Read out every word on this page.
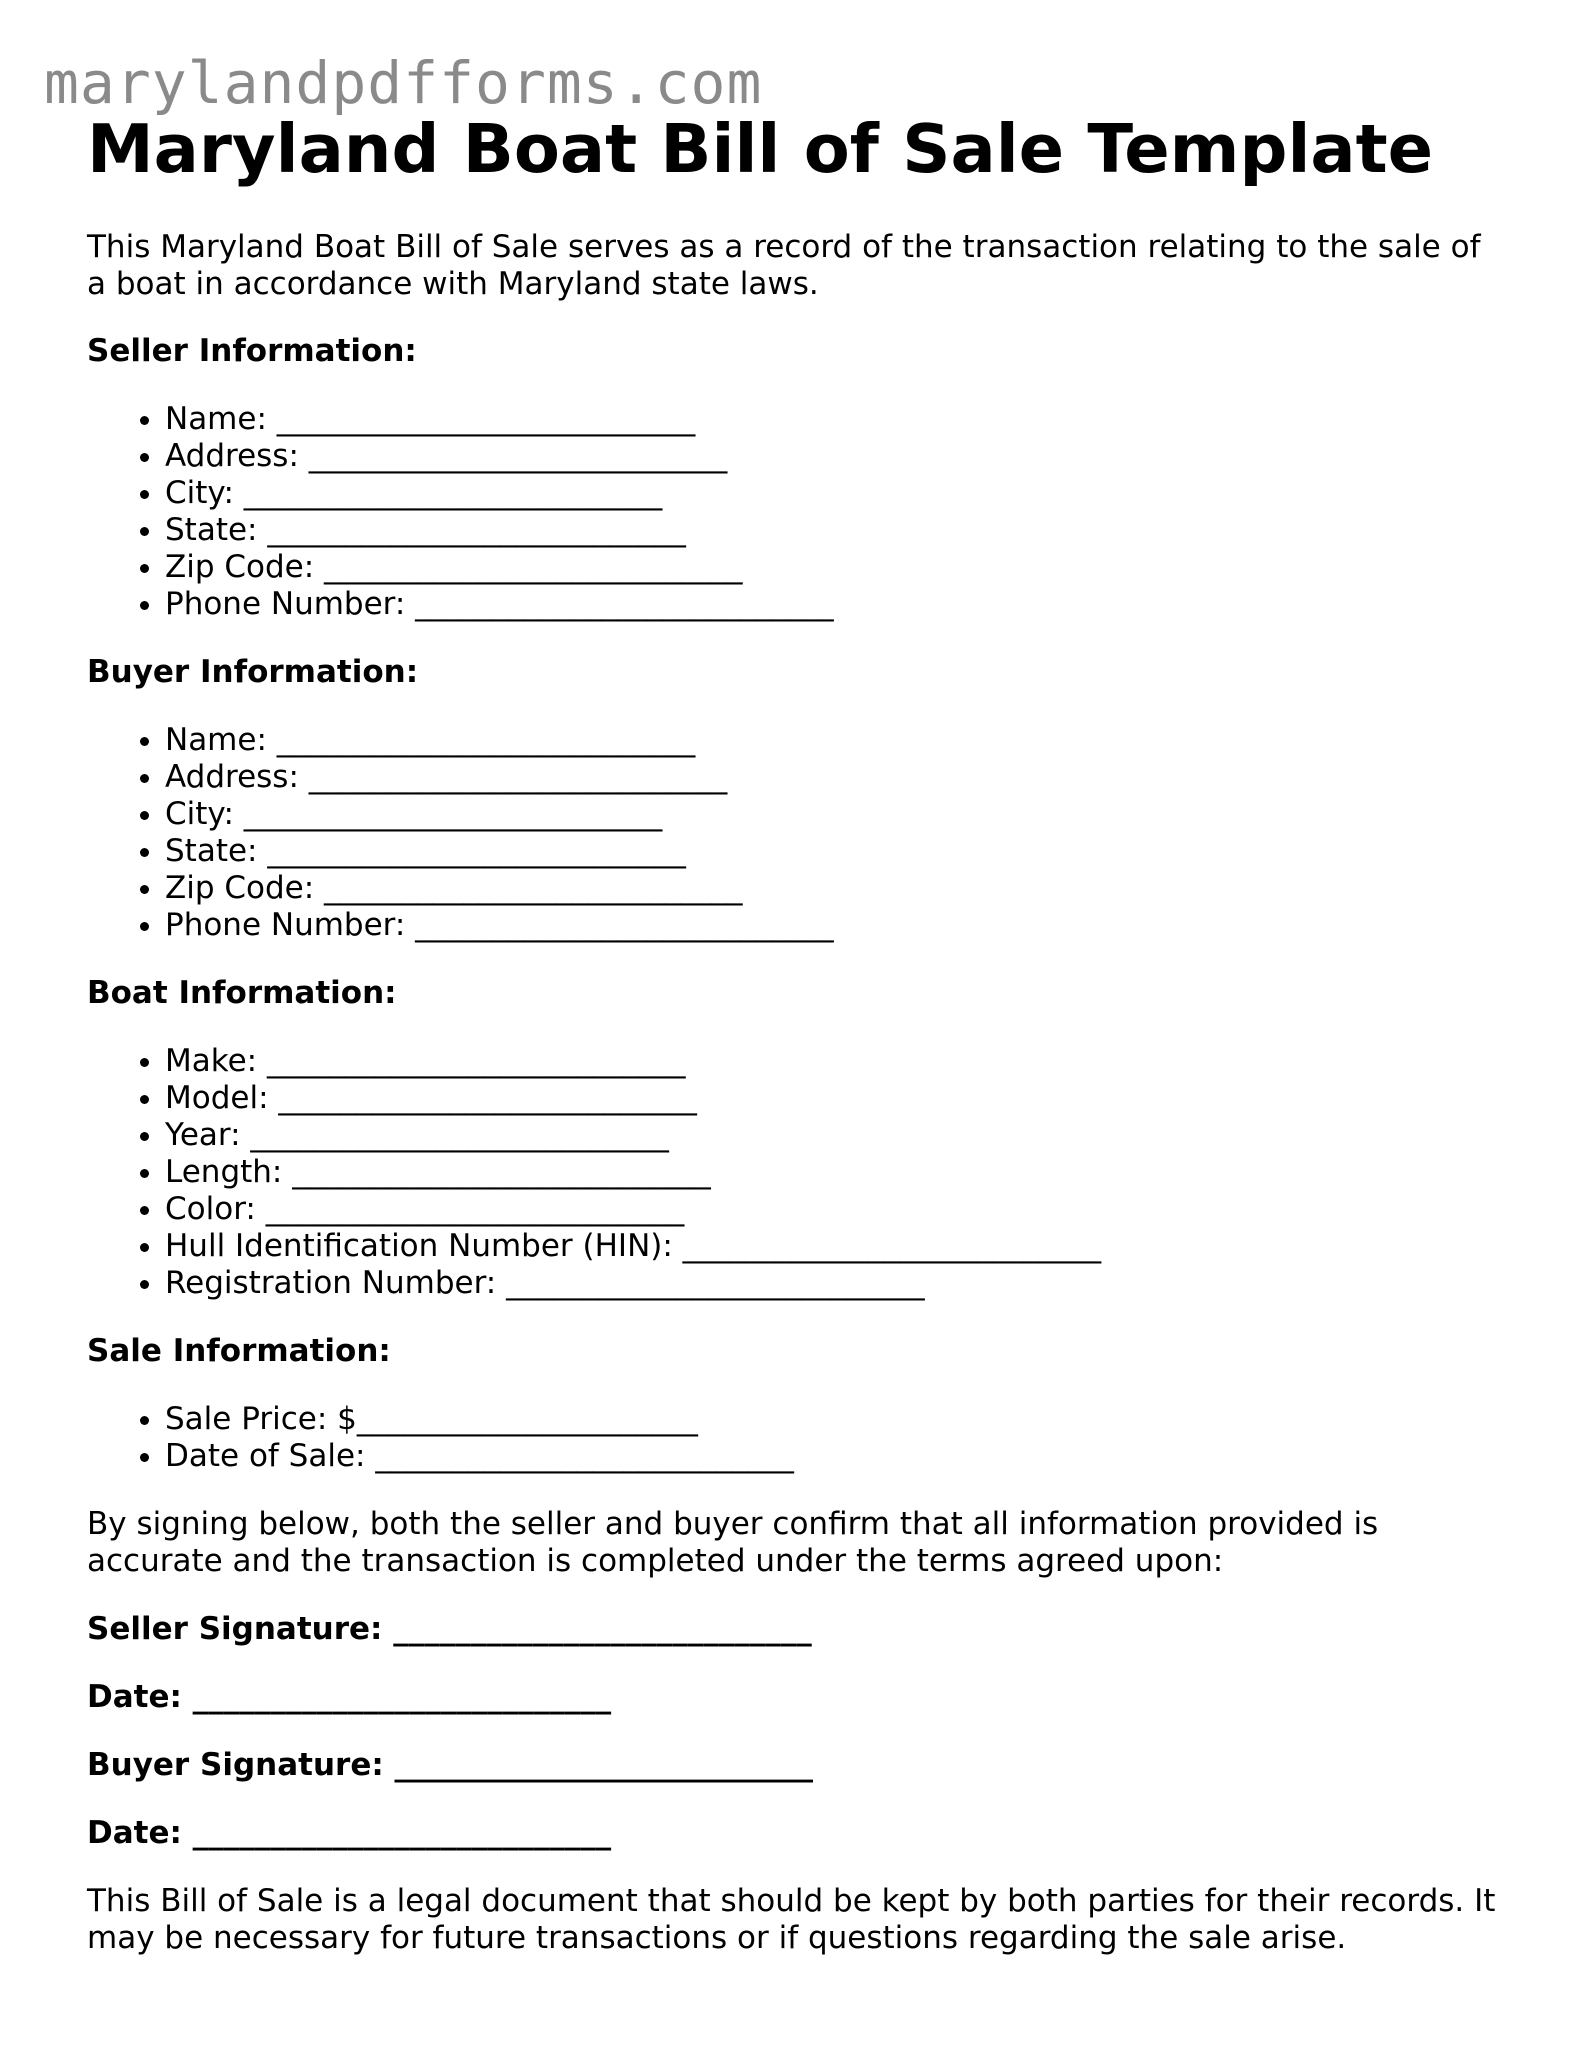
marylandpdfforms.com
Maryland Boat Bill of Sale Template

This Maryland Boat Bill of Sale serves as a record of the transaction relating to the sale of a boat in accordance with Maryland state laws.

Seller Information:
• Name: ___________________________
• Address: ___________________________
• City: ___________________________
• State: ___________________________
• Zip Code: ___________________________
• Phone Number: ___________________________
Buyer Information:
• Name: ___________________________
• Address: ___________________________
• City: ___________________________
• State: ___________________________
• Zip Code: ___________________________
• Phone Number: ___________________________
Boat Information:
• Make: ___________________________
• Model: ___________________________
• Year: ___________________________
• Length: ___________________________
• Color: ___________________________
• Hull Identification Number (HIN): ___________________________
• Registration Number: ___________________________
Sale Information:
• Sale Price: $______________________
• Date of Sale: ___________________________

By signing below, both the seller and buyer confirm that all information provided is accurate and the transaction is completed under the terms agreed upon:

Seller Signature: ___________________________
Date: ___________________________
Buyer Signature: ___________________________
Date: ___________________________

This Bill of Sale is a legal document that should be kept by both parties for their records. It may be necessary for future transactions or if questions regarding the sale arise.
